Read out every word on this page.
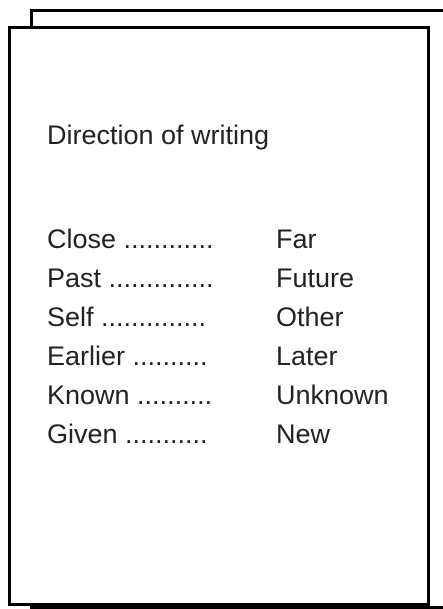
Direction of writing
Close ............ Far
Past .............. Future
Self ..............	Other
Earlier ..........	Later
Known .......... Unknown
Given ...........	New
